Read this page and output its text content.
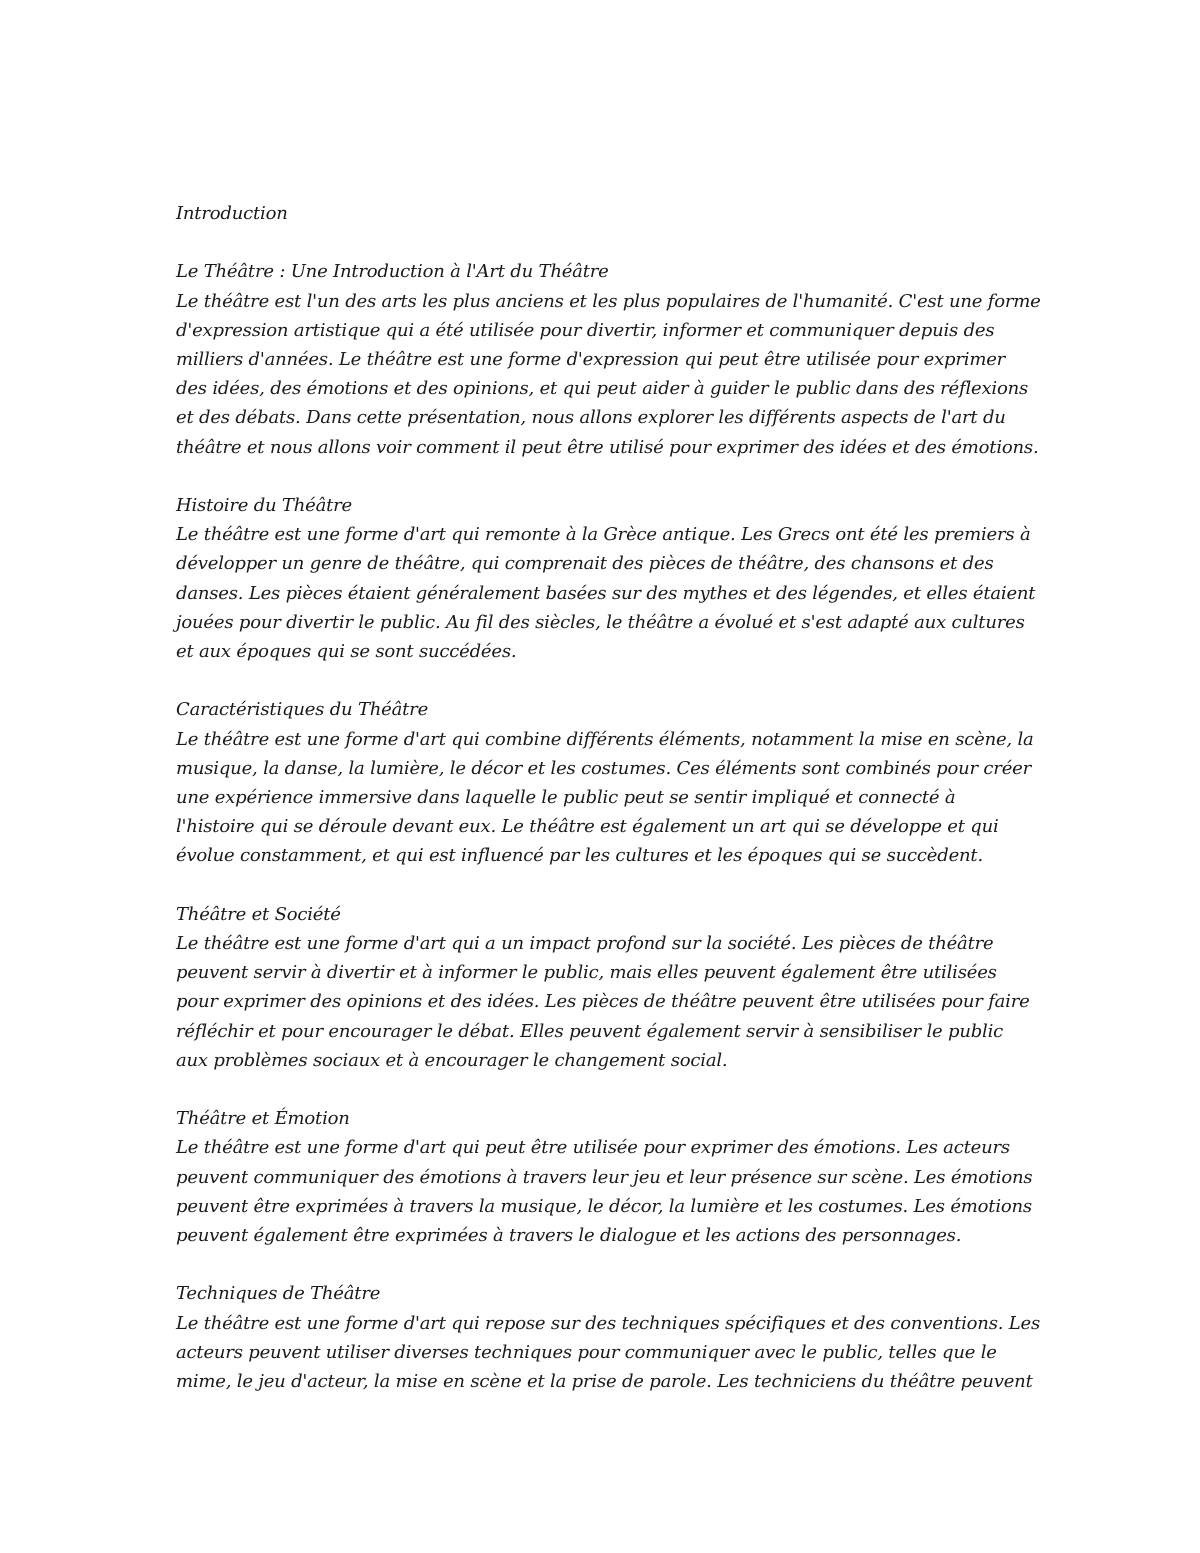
Introduction
Le Théâtre : Une Introduction à l'Art du Théâtre
Le théâtre est l'un des arts les plus anciens et les plus populaires de l'humanité. C'est une forme
d'expression artistique qui a été utilisée pour divertir, informer et communiquer depuis des
milliers d'années. Le théâtre est une forme d'expression qui peut être utilisée pour exprimer
des idées, des émotions et des opinions, et qui peut aider à guider le public dans des réflexions
et des débats. Dans cette présentation, nous allons explorer les différents aspects de l'art du
théâtre et nous allons voir comment il peut être utilisé pour exprimer des idées et des émotions.
Histoire du Théâtre
Le théâtre est une forme d'art qui remonte à la Grèce antique. Les Grecs ont été les premiers à
développer un genre de théâtre, qui comprenait des pièces de théâtre, des chansons et des
danses. Les pièces étaient généralement basées sur des mythes et des légendes, et elles étaient
jouées pour divertir le public. Au fil des siècles, le théâtre a évolué et s'est adapté aux cultures
et aux époques qui se sont succédées.
Caractéristiques du Théâtre
Le théâtre est une forme d'art qui combine différents éléments, notamment la mise en scène, la
musique, la danse, la lumière, le décor et les costumes. Ces éléments sont combinés pour créer
une expérience immersive dans laquelle le public peut se sentir impliqué et connecté à
l'histoire qui se déroule devant eux. Le théâtre est également un art qui se développe et qui
évolue constamment, et qui est influencé par les cultures et les époques qui se succèdent.
Théâtre et Société
Le théâtre est une forme d'art qui a un impact profond sur la société. Les pièces de théâtre
peuvent servir à divertir et à informer le public, mais elles peuvent également être utilisées
pour exprimer des opinions et des idées. Les pièces de théâtre peuvent être utilisées pour faire
réfléchir et pour encourager le débat. Elles peuvent également servir à sensibiliser le public
aux problèmes sociaux et à encourager le changement social.
Théâtre et Émotion
Le théâtre est une forme d'art qui peut être utilisée pour exprimer des émotions. Les acteurs
peuvent communiquer des émotions à travers leur jeu et leur présence sur scène. Les émotions
peuvent être exprimées à travers la musique, le décor, la lumière et les costumes. Les émotions
peuvent également être exprimées à travers le dialogue et les actions des personnages.
Techniques de Théâtre
Le théâtre est une forme d'art qui repose sur des techniques spécifiques et des conventions. Les
acteurs peuvent utiliser diverses techniques pour communiquer avec le public, telles que le
mime, le jeu d'acteur, la mise en scène et la prise de parole. Les techniciens du théâtre peuvent
